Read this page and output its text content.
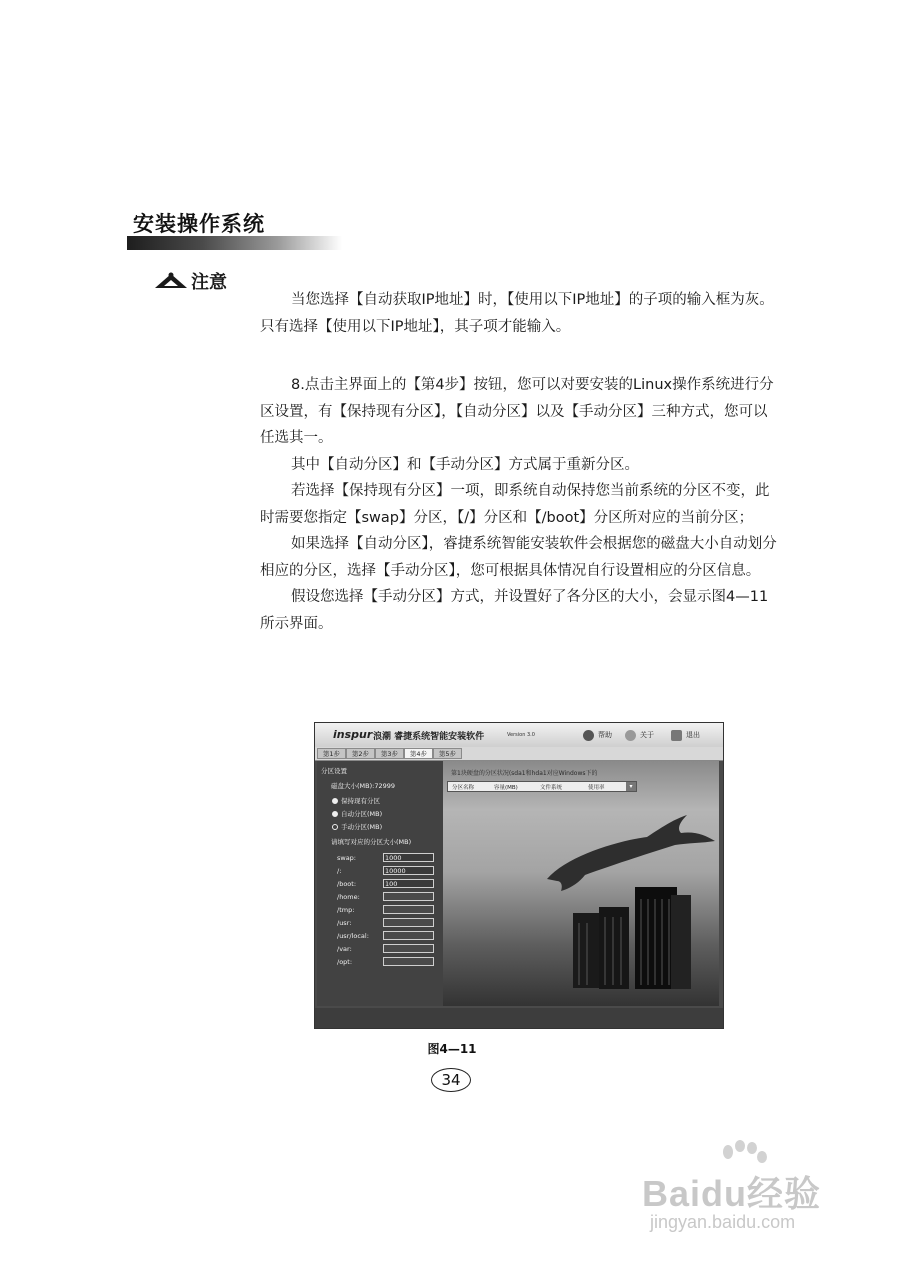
安装操作系统
注意

当您选择【自动获取IP地址】时，【使用以下IP地址】的子项的输入框为灰。只有选择【使用以下IP地址】，其子项才能输入。

8.点击主界面上的【第4步】按钮，您可以对要安装的Linux操作系统进行分区设置，有【保持现有分区】，【自动分区】以及【手动分区】三种方式，您可以任选其一。

其中【自动分区】和【手动分区】方式属于重新分区。

若选择【保持现有分区】一项，即系统自动保持您当前系统的分区不变，此时需要您指定【swap】分区，【/】分区和【/boot】分区所对应的当前分区；

如果选择【自动分区】，睿捷系统智能安装软件会根据您的磁盘大小自动划分相应的分区，选择【手动分区】，您可根据具体情况自行设置相应的分区信息。

假设您选择【手动分区】方式，并设置好了各分区的大小，会显示图4—11所示界面。

inspur 浪潮 睿捷系统智能安装软件	Version 3.0	帮助	关于	退出
第1步	第2步	第3步	第4步	第5步
分区设置
磁盘大小(MB):72999
保持现有分区
自动分区(MB)
手动分区(MB)
请填写对应的分区大小(MB)
swap:	1000
/:	10000
/boot:	100
/home:
/tmp:
/usr:
/usr/local:
/var:
/opt:
第1块硬盘的分区状况(sda1和hda1对应Windows下的
分区名称	容量(MB)	文件系统	使用率	▾
图4—11
34
Baidu经验
jingyan.baidu.com
